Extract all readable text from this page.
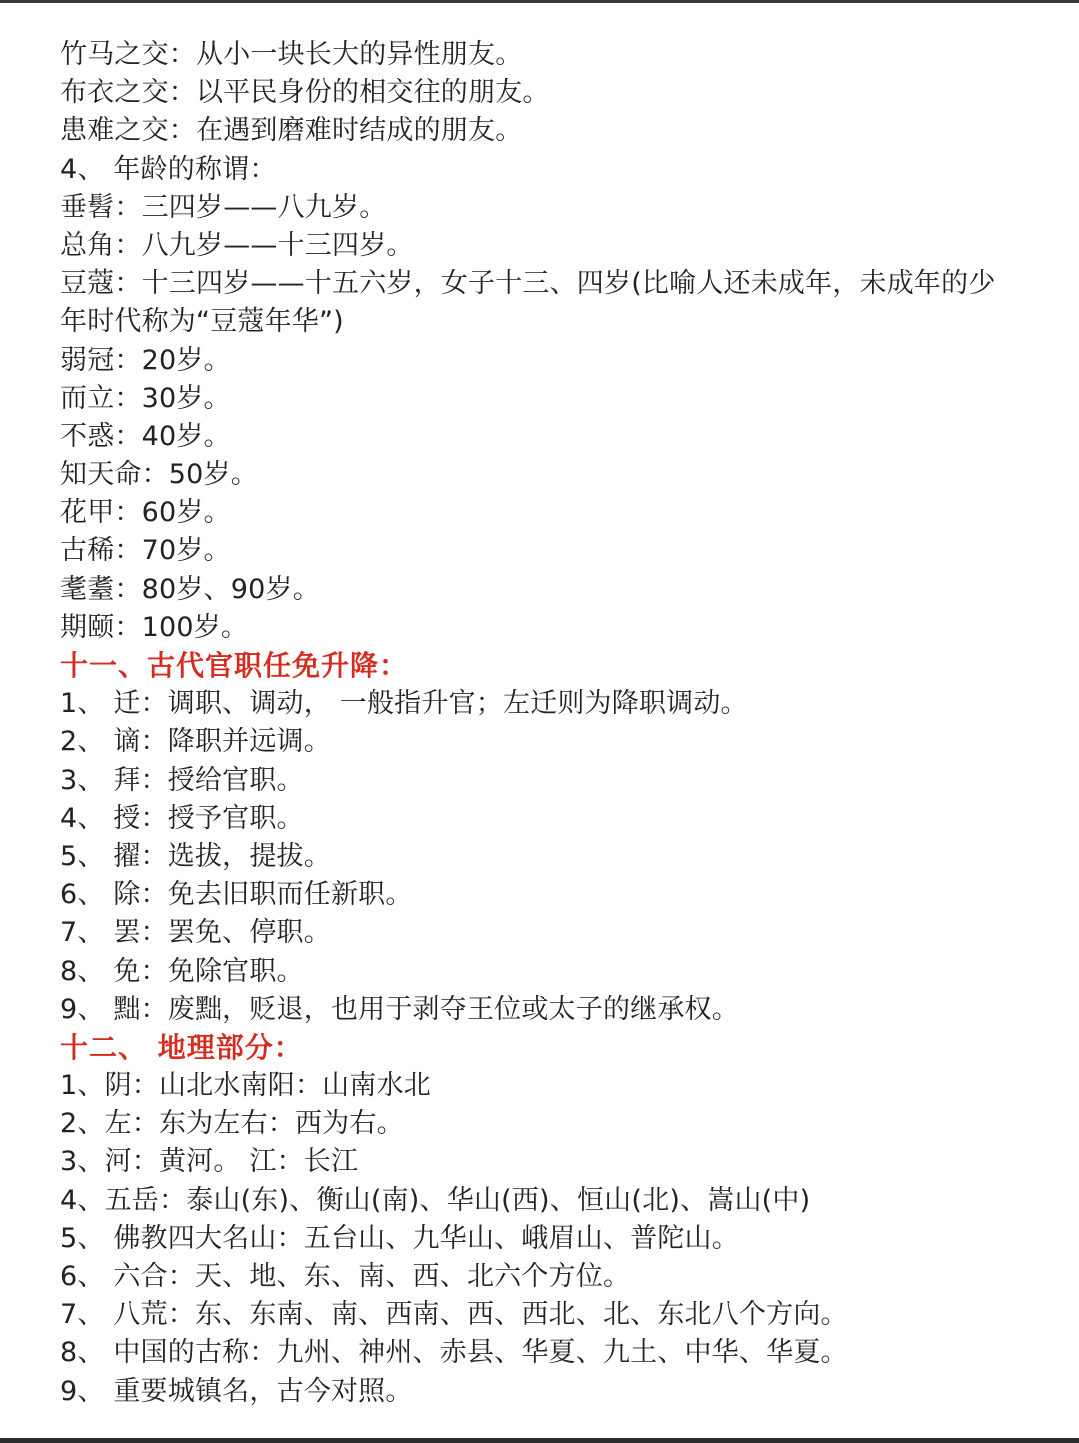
竹马之交：从小一块长大的异性朋友。
布衣之交：以平民身份的相交往的朋友。
患难之交：在遇到磨难时结成的朋友。
4、 年龄的称谓：
垂髫：三四岁——八九岁。
总角：八九岁——十三四岁。
豆蔻：十三四岁——十五六岁，女子十三、四岁(比喻人还未成年，未成年的少年时代称为“豆蔻年华”)
弱冠：20岁。
而立：30岁。
不惑：40岁。
知天命：50岁。
花甲：60岁。
古稀：70岁。
耄耋：80岁、90岁。
期颐：100岁。
十一、古代官职任免升降：
1、 迁：调职、调动， 一般指升官；左迁则为降职调动。
2、 谪：降职并远调。
3、 拜：授给官职。
4、 授：授予官职。
5、 擢：选拔，提拔。
6、 除：免去旧职而任新职。
7、 罢：罢免、停职。
8、 免：免除官职。
9、 黜：废黜，贬退，也用于剥夺王位或太子的继承权。
十二、 地理部分：
1、阴：山北水南阳：山南水北
2、左：东为左右：西为右。
3、河：黄河。 江：长江
4、五岳：泰山(东)、衡山(南)、华山(西)、恒山(北)、嵩山(中)
5、 佛教四大名山：五台山、九华山、峨眉山、普陀山。
6、 六合：天、地、东、南、西、北六个方位。
7、 八荒：东、东南、南、西南、西、西北、北、东北八个方向。
8、 中国的古称：九州、神州、赤县、华夏、九土、中华、华夏。
9、 重要城镇名，古今对照。
